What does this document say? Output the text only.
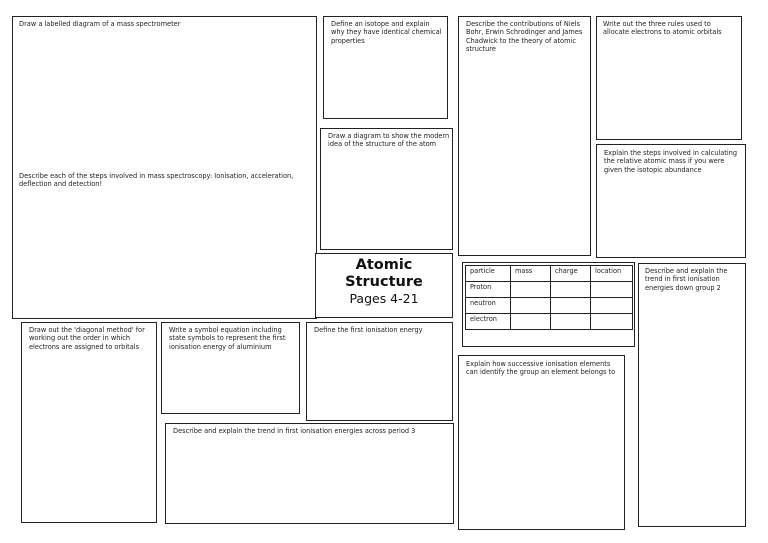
Draw a labelled diagram of a mass spectrometer

Describe each of the steps involved in mass spectroscopy: Ionisation, acceleration, deflection and detection!

Define an isotope and explain why they have identical chemical properties

Draw a diagram to show the modern idea of the structure of the atom

Atomic
Structure
Pages 4-21

Describe the contributions of Niels Bohr, Erwin Schrodinger and James Chadwick to the theory of atomic structure

Write out the three rules used to allocate electrons to atomic orbitals

Explain the steps involved in calculating the relative atomic mass if you were given the isotopic abundance

particle	mass	charge	location
Proton			
neutron			
electron			

Describe and explain the trend in first ionisation energies down group 2

Draw out the 'diagonal method' for working out the order in which electrons are assigned to orbitals

Write a symbol equation including state symbols to represent the first ionisation energy of aluminium

Define the first ionisation energy

Explain how successive ionisation elements can identify the group an element belongs to

Describe and explain the trend in first ionisation energies across period 3
